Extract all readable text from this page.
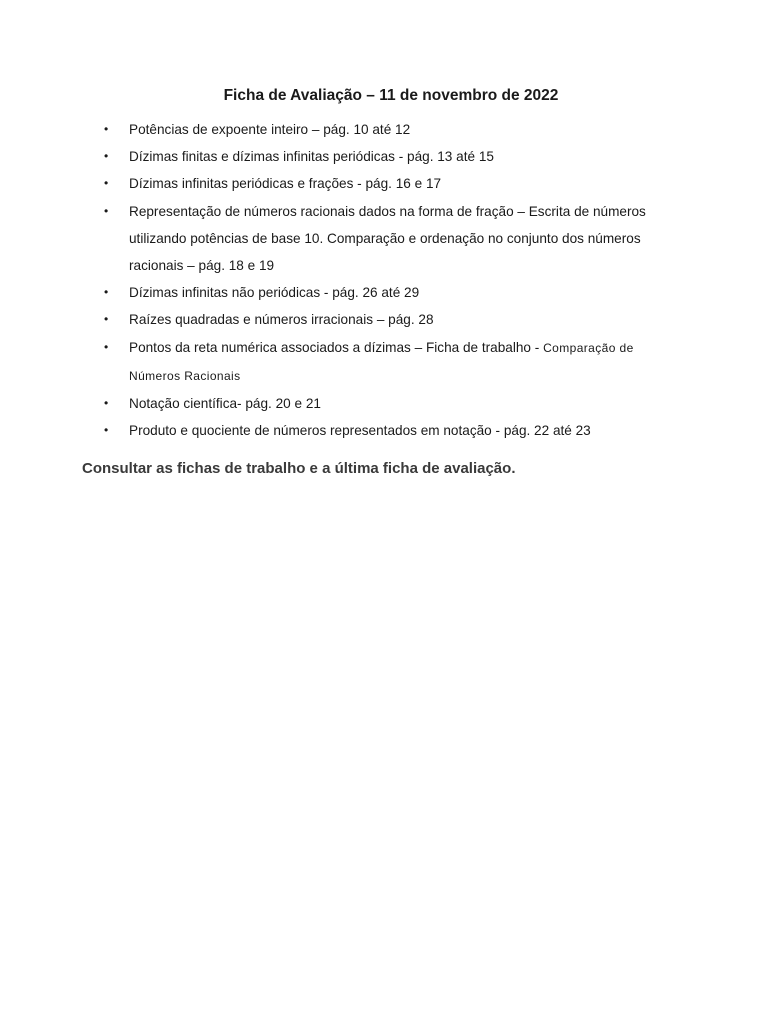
Ficha de Avaliação – 11 de novembro de 2022
• Potências de expoente inteiro – pág. 10 até 12
• Dízimas finitas e dízimas infinitas periódicas - pág. 13 até 15
• Dízimas infinitas periódicas e frações - pág. 16 e 17
• Representação de números racionais dados na forma de fração – Escrita de números utilizando potências de base 10. Comparação e ordenação no conjunto dos números racionais – pág. 18 e 19
• Dízimas infinitas não periódicas - pág. 26 até 29
• Raízes quadradas e números irracionais – pág. 28
• Pontos da reta numérica associados a dízimas – Ficha de trabalho - Comparação de Números Racionais
• Notação científica- pág. 20 e 21
• Produto e quociente de números representados em notação - pág. 22 até 23

Consultar as fichas de trabalho e a última ficha de avaliação.
